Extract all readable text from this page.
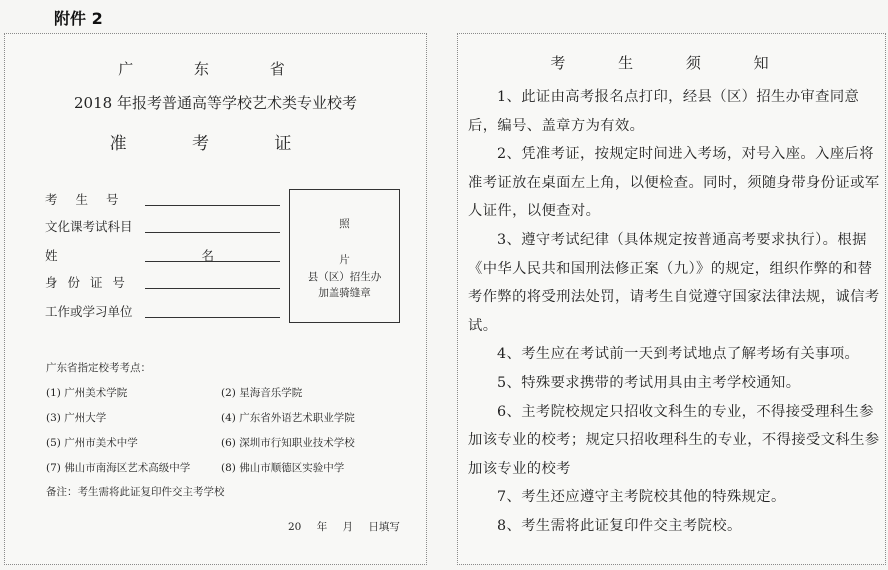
附件 2
广 东 省
2018 年报考普通高等学校艺术类专业校考
准 考 证
考 生 号
文化课考试科目
姓 名
身 份 证 号
工作或学习单位
照
片
县（区）招生办
加盖骑缝章
广东省指定校考考点：
(1) 广州美术学院	(2) 星海音乐学院
(3) 广州大学	(4) 广东省外语艺术职业学院
(5) 广州市美术中学	(6) 深圳市行知职业技术学校
(7) 佛山市南海区艺术高级中学	(8) 佛山市顺德区实验中学
备注：考生需将此证复印件交主考学校
20 年 月 日填写
考 生 须 知

1、此证由高考报名点打印，经县（区）招生办审查同意后，编号、盖章方为有效。

2、凭准考证，按规定时间进入考场，对号入座。入座后将准考证放在桌面左上角，以便检查。同时，须随身带身份证或军人证件，以便查对。

3、遵守考试纪律（具体规定按普通高考要求执行）。根据《中华人民共和国刑法修正案（九）》的规定，组织作弊的和替考作弊的将受刑法处罚，请考生自觉遵守国家法律法规，诚信考试。

4、考生应在考试前一天到考试地点了解考场有关事项。

5、特殊要求携带的考试用具由主考学校通知。

6、主考院校规定只招收文科生的专业，不得接受理科生参加该专业的校考；规定只招收理科生的专业，不得接受文科生参加该专业的校考

7、考生还应遵守主考院校其他的特殊规定。

8、考生需将此证复印件交主考院校。
